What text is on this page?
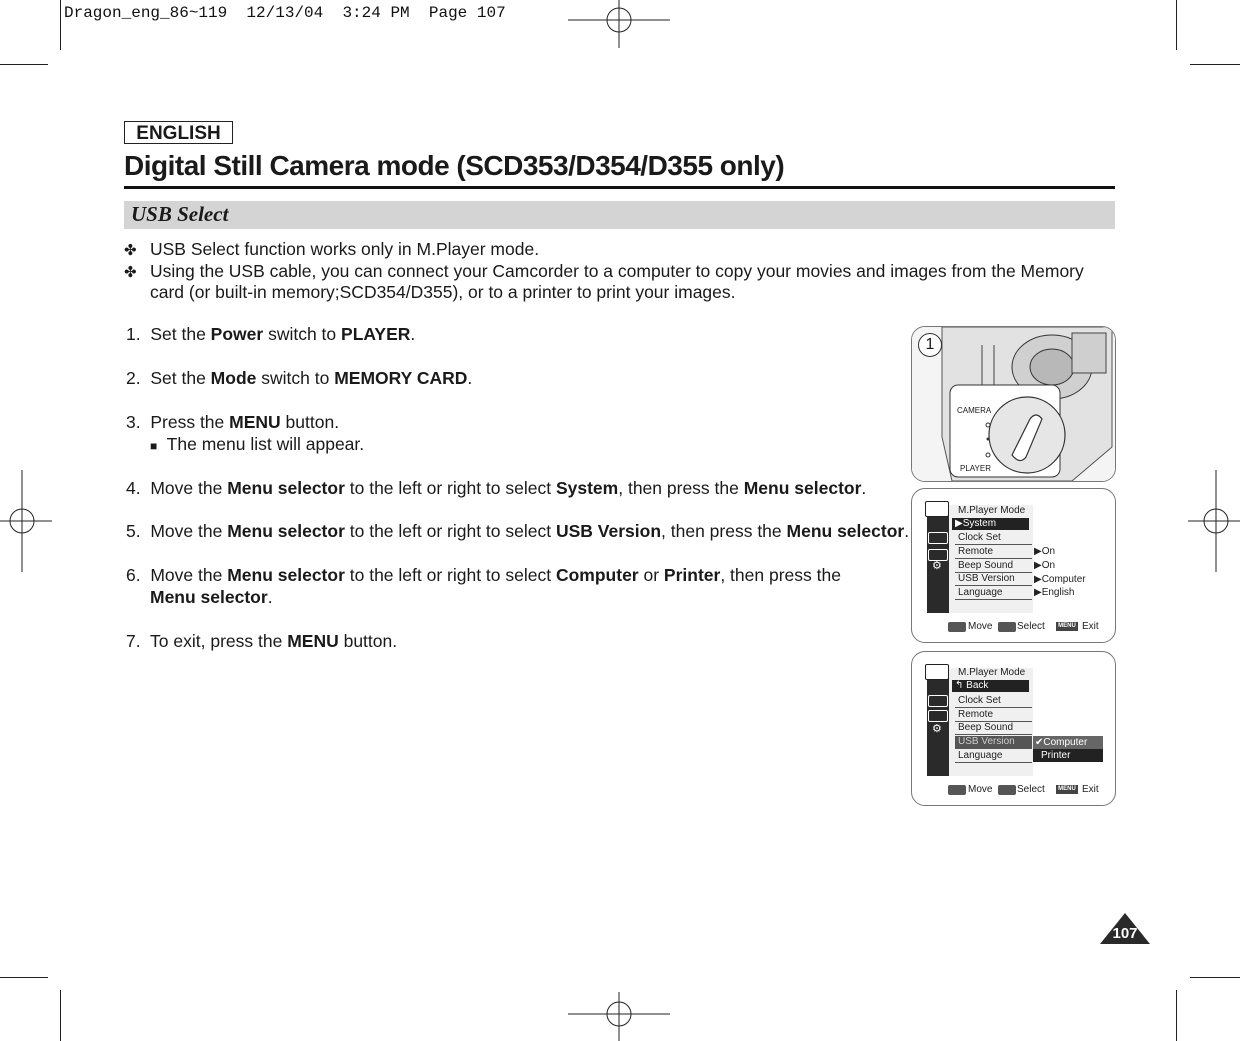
Dragon_eng_86~119  12/13/04  3:24 PM  Page 107
ENGLISH
Digital Still Camera mode (SCD353/D354/D355 only)
USB Select
✤ USB Select function works only in M.Player mode.
✤ Using the USB cable, you can connect your Camcorder to a computer to copy your movies and images from the Memory
card (or built-in memory;SCD354/D355), or to a printer to print your images.
1. Set the Power switch to PLAYER.
2. Set the Mode switch to MEMORY CARD.
3. Press the MENU button.
■ The menu list will appear.
4. Move the Menu selector to the left or right to select System, then press the Menu selector.
5. Move the Menu selector to the left or right to select USB Version, then press the Menu selector.
6. Move the Menu selector to the left or right to select Computer or Printer, then press the
Menu selector.
7. To exit, press the MENU button.
1
CAMERA
PLAYER
⚙
M.Player Mode
▶System
Clock Set
Remote
Beep Sound
USB Version
Language
▶On
▶On
▶Computer
▶English
Move Select	MENU Exit
⚙
M.Player Mode
↰ Back
Clock Set
Remote
Beep Sound
USB Version
Language
✔Computer
Printer
Move Select	MENU Exit
107
